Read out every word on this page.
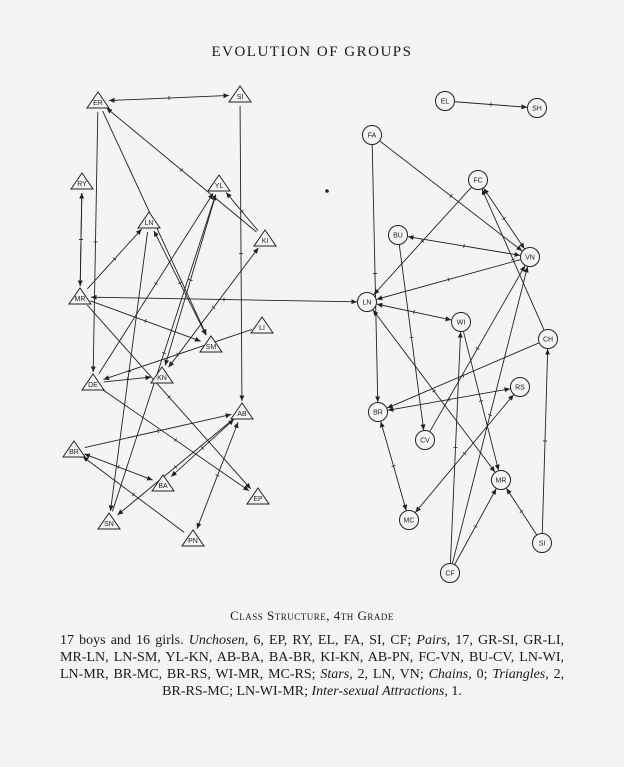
EVOLUTION OF GROUPS
ER
SI
RY	YL
LN
KI
MR
LI
SM
KN
DE
AB
BR
BA
EP
SN
PN
EL
SH
FA
FC
BU
VN
LN
WI
CH
RS
BR
CV
MR
MC
SI
CF
Class Structure, 4th Grade
17 boys and 16 girls. Unchosen, 6, EP, RY, EL, FA, SI, CF; Pairs, 17, GR-SI, GR-LI, MR-LN, LN-SM, YL-KN, AB-BA, BA-BR, KI-KN, AB-PN, FC-VN, BU-CV, LN-WI, LN-MR, BR-MC, BR-RS, WI-MR, MC-RS; Stars, 2, LN, VN; Chains, 0; Triangles, 2, BR-RS-MC; LN-WI-MR; Inter-sexual Attractions, 1.
